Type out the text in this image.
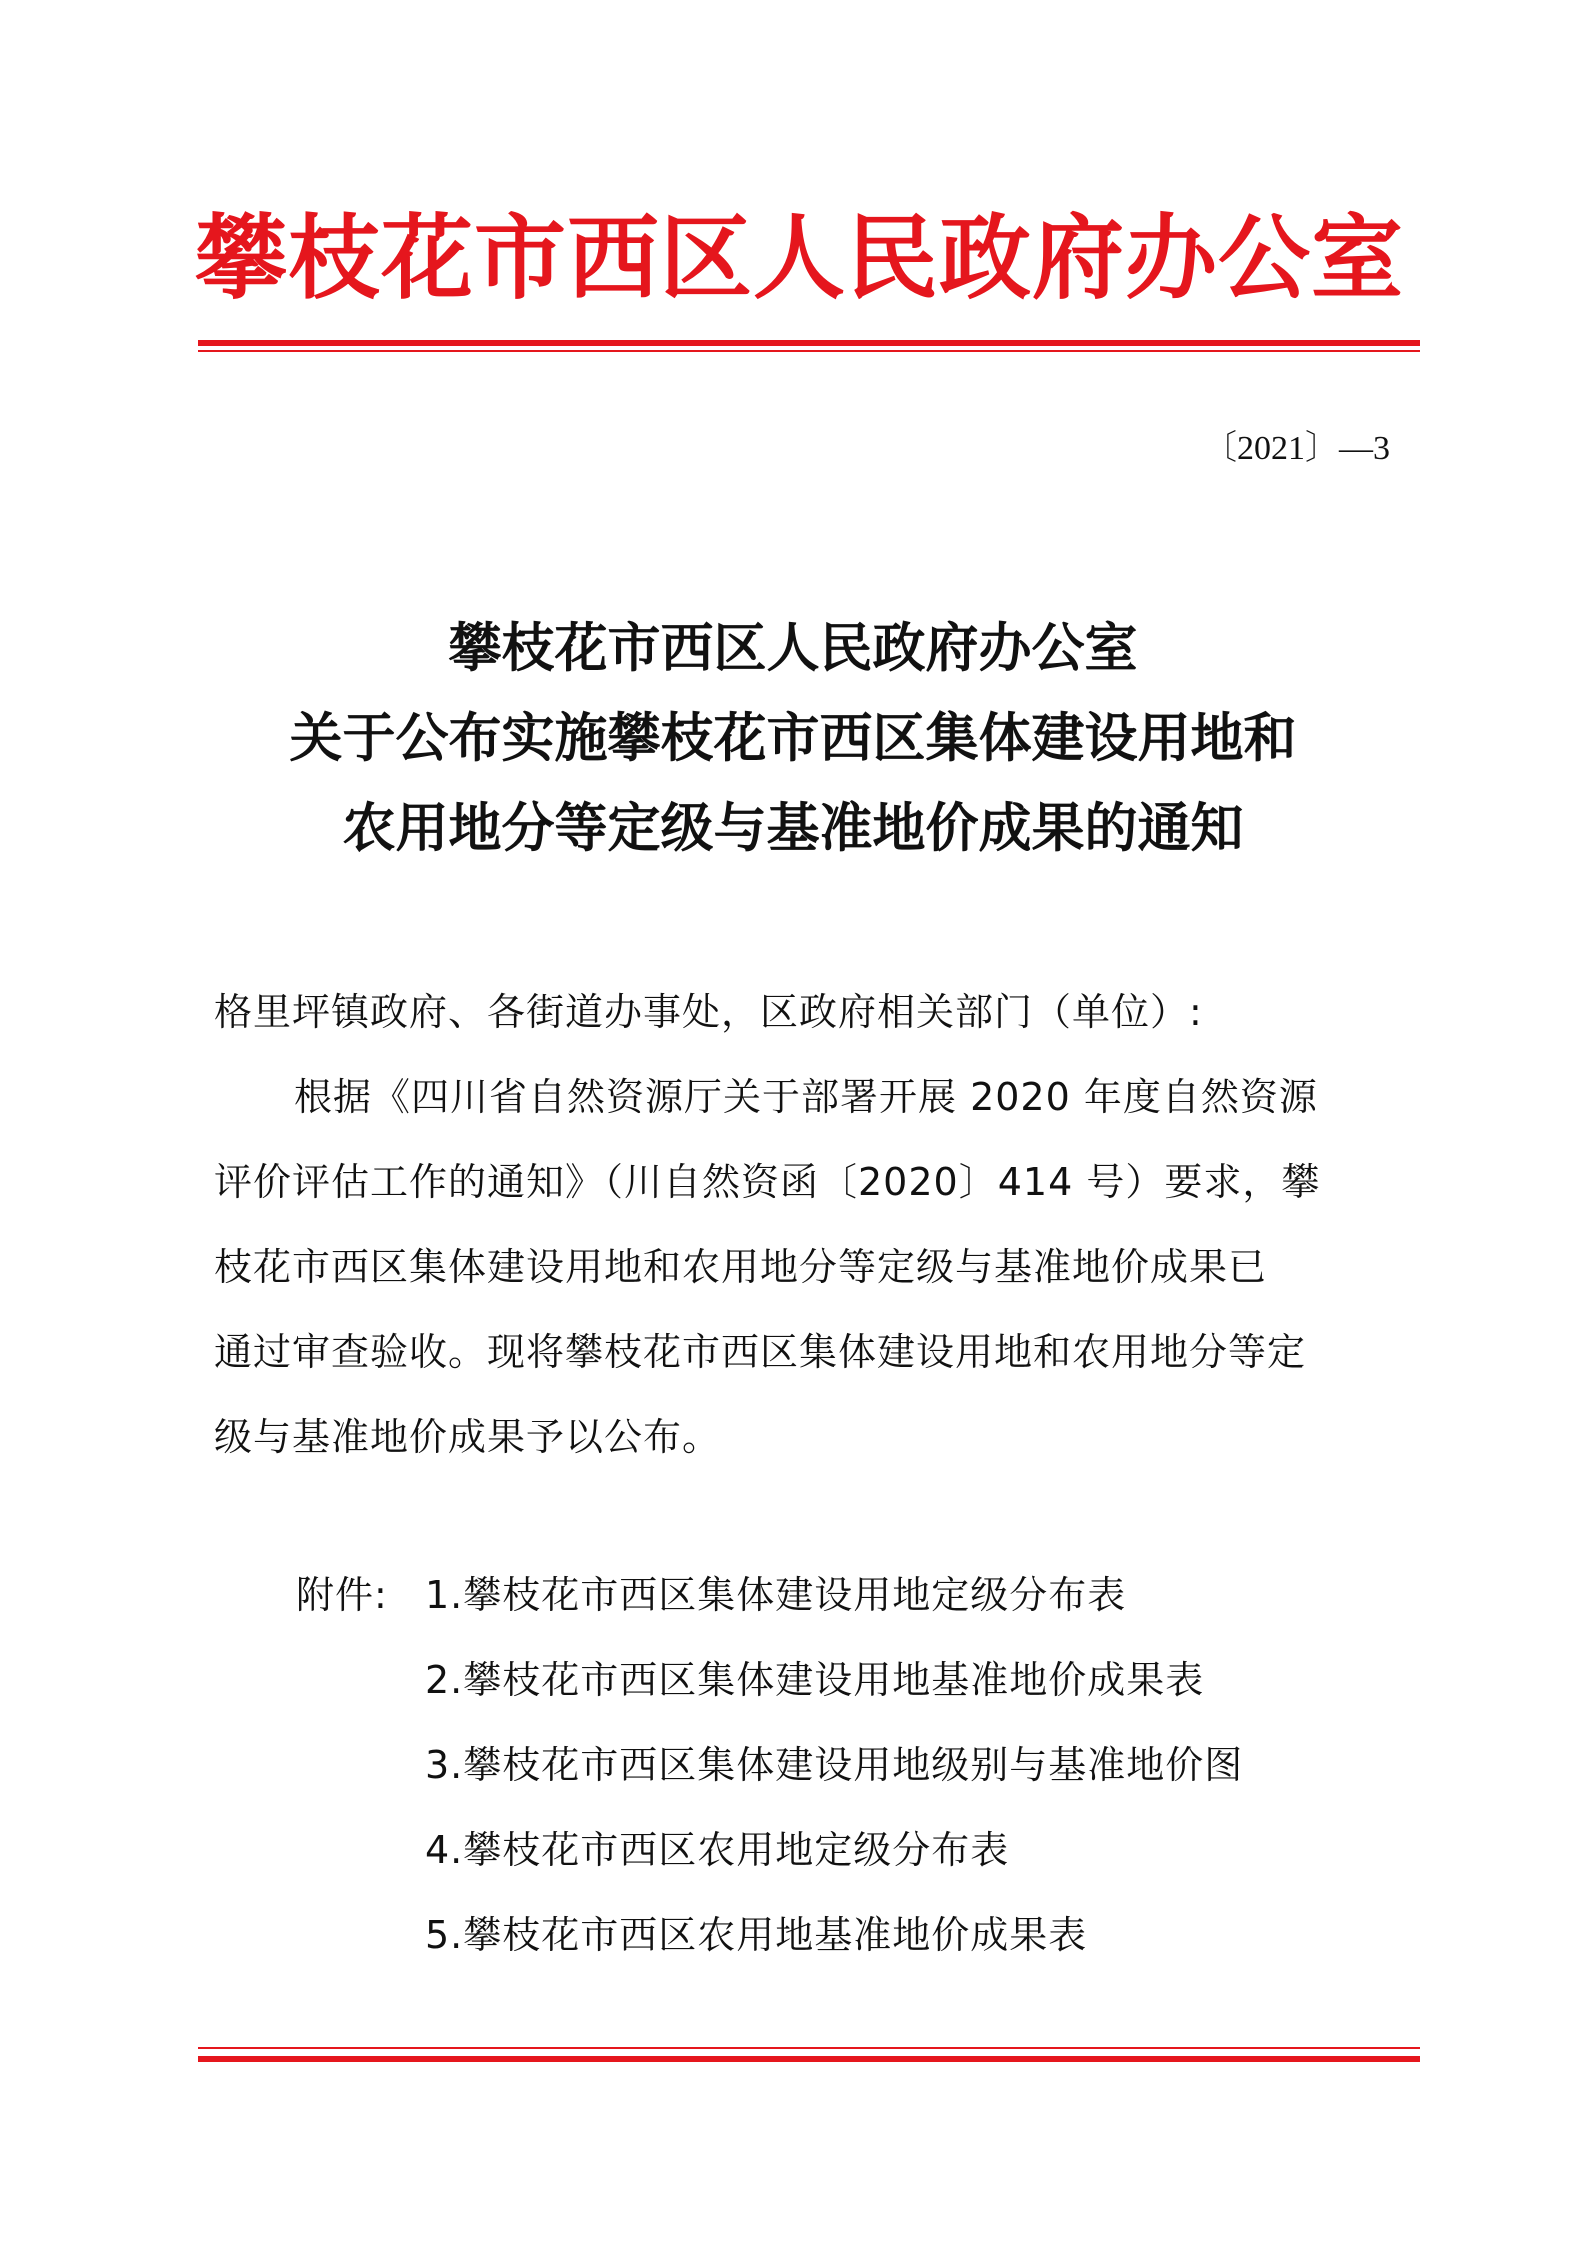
攀枝花市西区人民政府办公室
〔2021〕—3
攀枝花市西区人民政府办公室
关于公布实施攀枝花市西区集体建设用地和
农用地分等定级与基准地价成果的通知
格里坪镇政府、各街道办事处，区政府相关部门（单位）:
根据《四川省自然资源厅关于部署开展 2020 年度自然资源
评价评估工作的通知》（川自然资函〔2020〕414 号）要求，攀
枝花市西区集体建设用地和农用地分等定级与基准地价成果已
通过审查验收。现将攀枝花市西区集体建设用地和农用地分等定
级与基准地价成果予以公布。
附件: 1.攀枝花市西区集体建设用地定级分布表
2.攀枝花市西区集体建设用地基准地价成果表
3.攀枝花市西区集体建设用地级别与基准地价图
4.攀枝花市西区农用地定级分布表
5.攀枝花市西区农用地基准地价成果表
